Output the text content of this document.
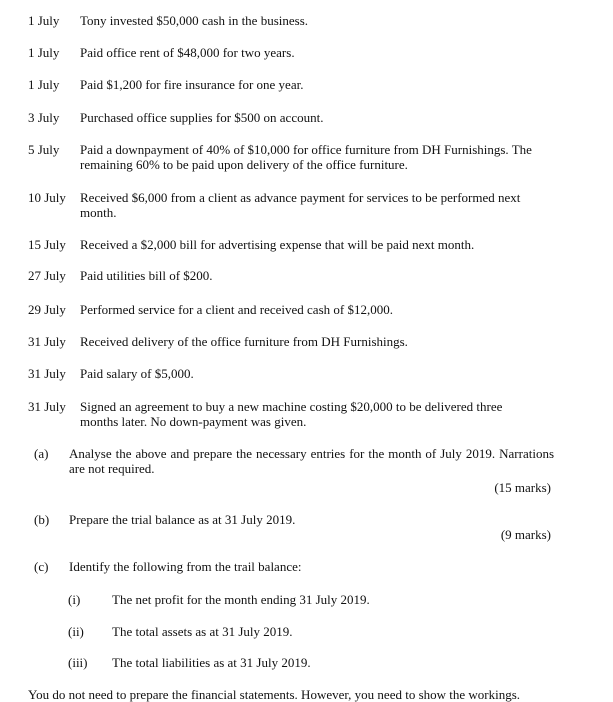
1 July Tony invested $50,000 cash in the business.
1 July Paid office rent of $48,000 for two years.
1 July Paid $1,200 for fire insurance for one year.
3 July Purchased office supplies for $500 on account.
5 July Paid a downpayment of 40% of $10,000 for office furniture from DH Furnishings. The remaining 60% to be paid upon delivery of the office furniture.
10 July Received $6,000 from a client as advance payment for services to be performed next month.
15 July Received a $2,000 bill for advertising expense that will be paid next month.
27 July Paid utilities bill of $200.
29 July Performed service for a client and received cash of $12,000.
31 July Received delivery of the office furniture from DH Furnishings.
31 July Paid salary of $5,000.
31 July Signed an agreement to buy a new machine costing $20,000 to be delivered three months later. No down-payment was given.
(a) Analyse the above and prepare the necessary entries for the month of July 2019. Narrations are not required.
(15 marks)
(b) Prepare the trial balance as at 31 July 2019.
(9 marks)
(c) Identify the following from the trail balance:
(i) The net profit for the month ending 31 July 2019.
(ii) The total assets as at 31 July 2019.
(iii) The total liabilities as at 31 July 2019.
You do not need to prepare the financial statements. However, you need to show the workings.
